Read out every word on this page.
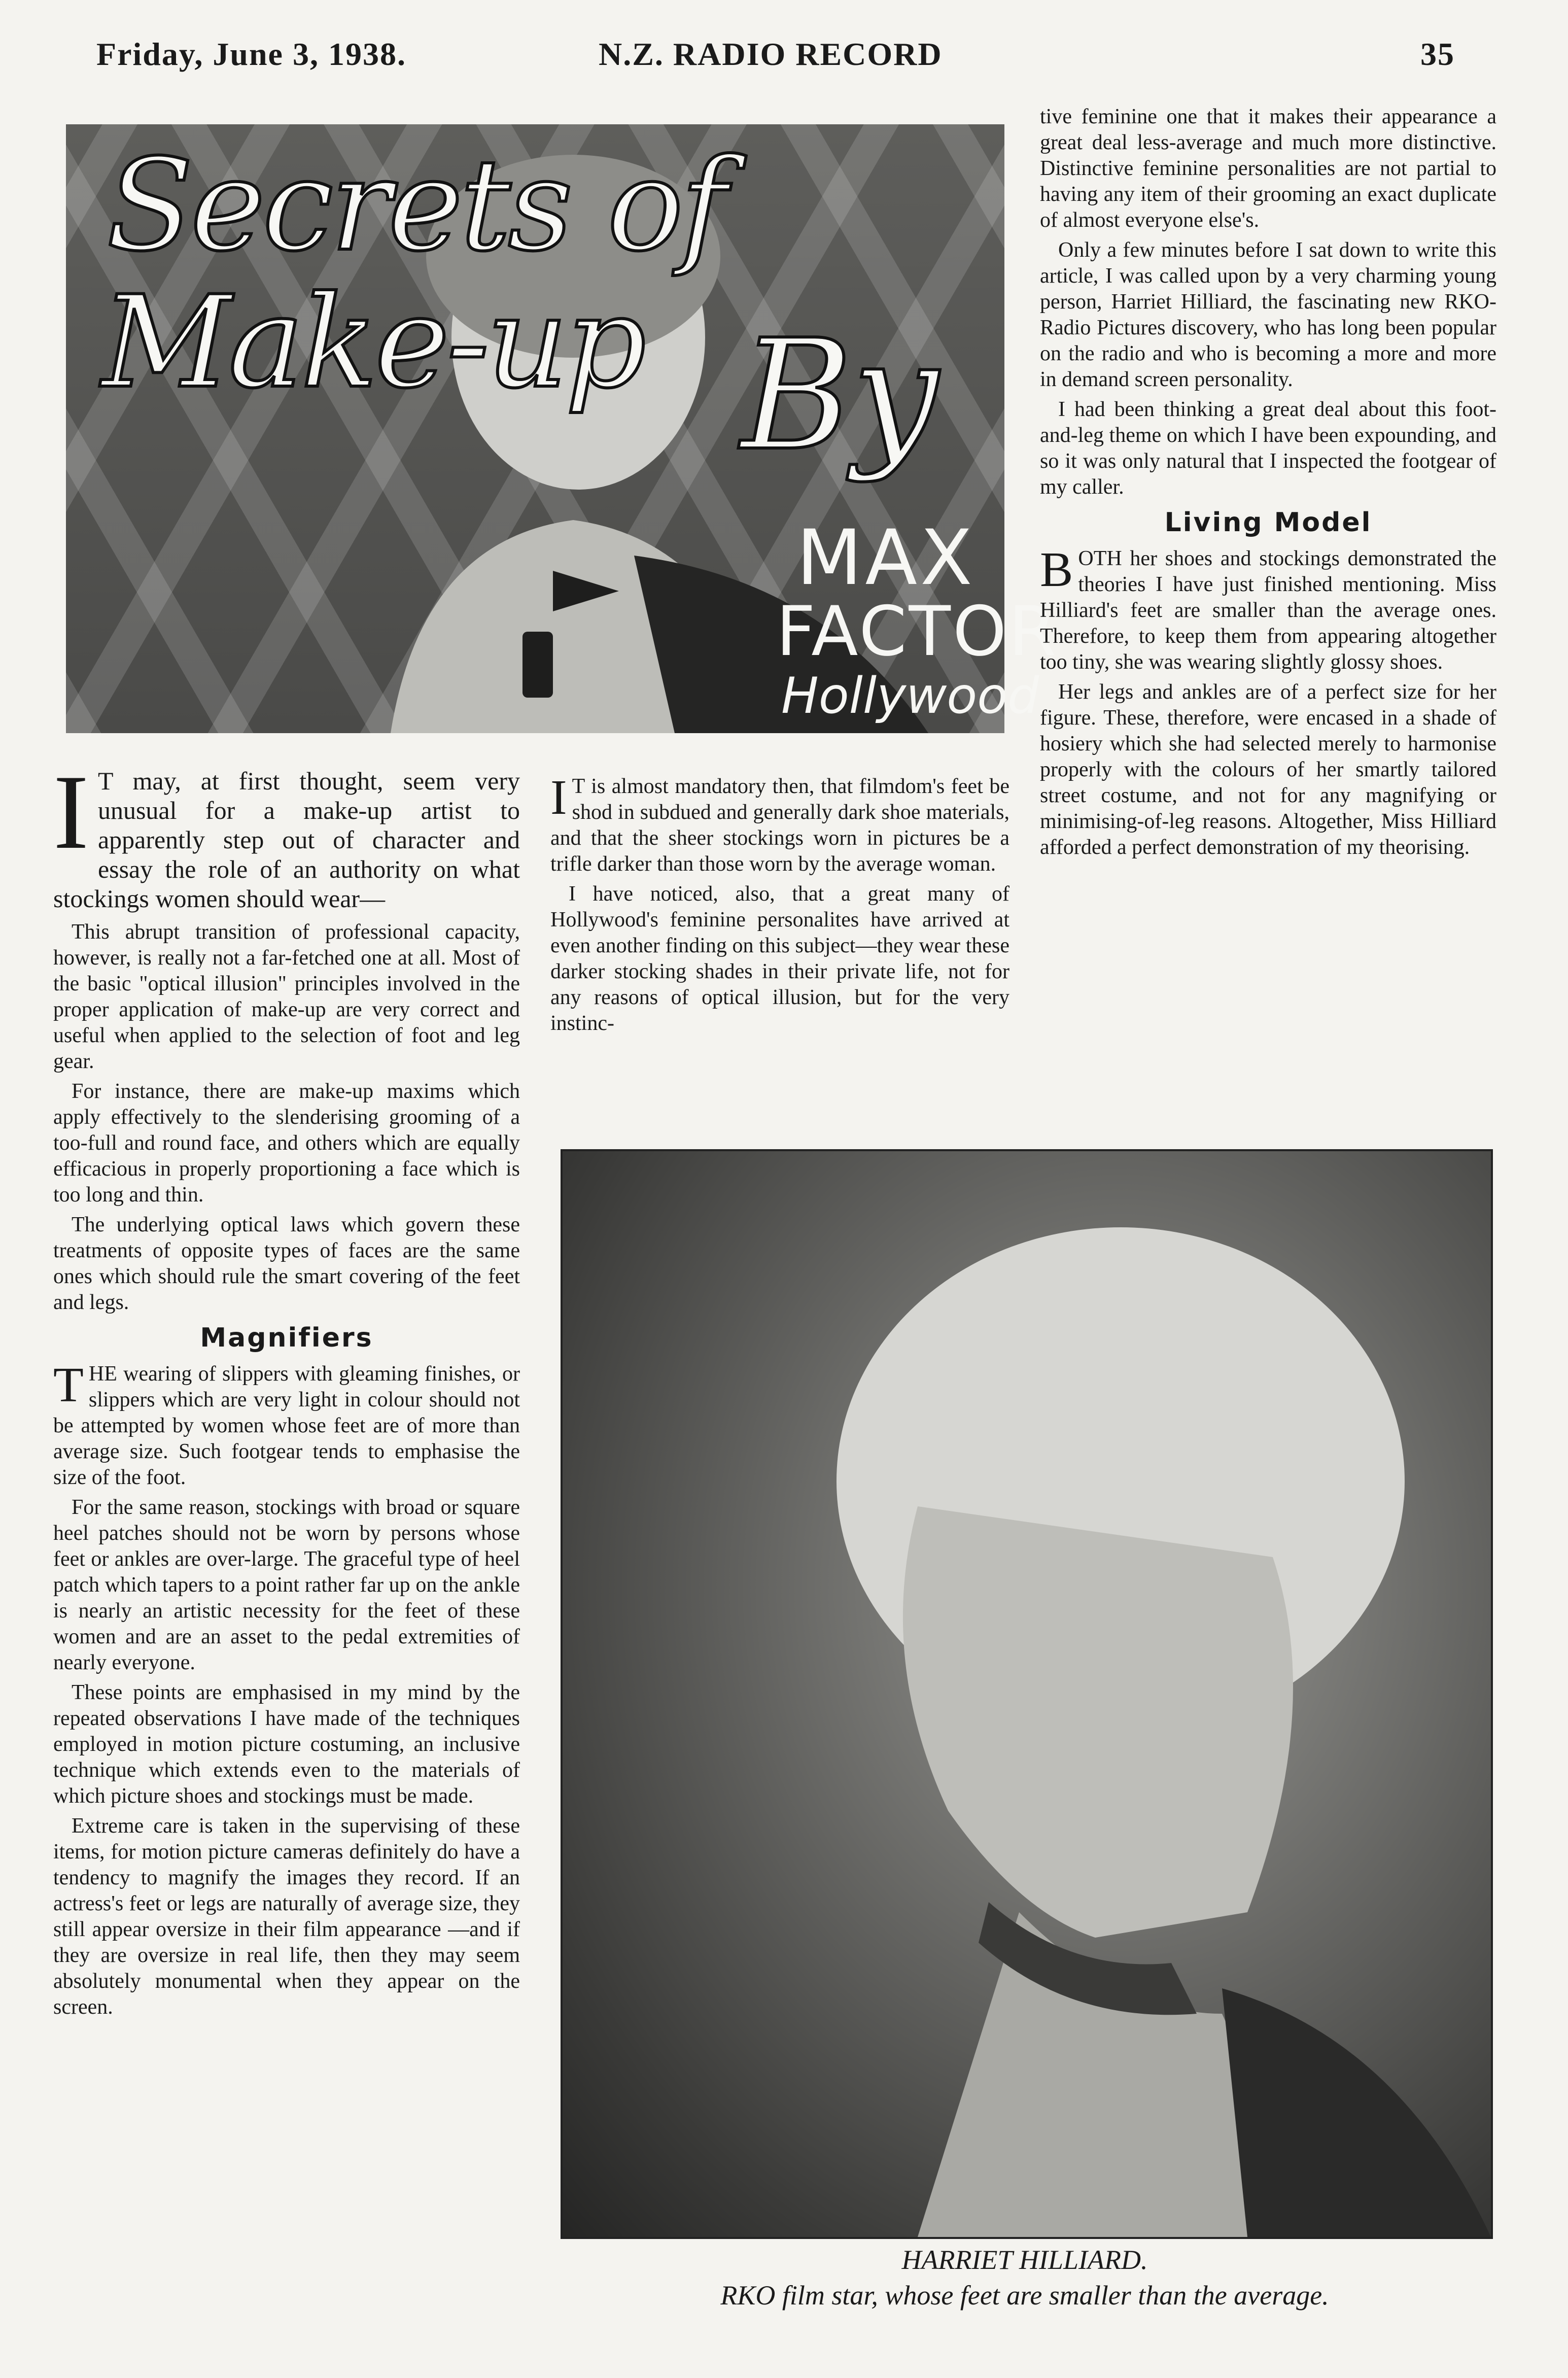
Friday, June 3, 1938.	N.Z. RADIO RECORD	35
Secrets of
Make-up By
MAX
FACTOR
Hollywood

I T may, at first thought, seem very unusual for a make-up artist to apparently step out of character and essay the role of an authority on what stockings women should wear—

This abrupt transition of professional capacity, however, is really not a far-fetched one at all. Most of the basic "optical illusion" principles involved in the proper application of make-up are very correct and useful when applied to the selection of foot and leg gear.

For instance, there are make-up maxims which apply effectively to the slenderising grooming of a too-full and round face, and others which are equally efficacious in properly proportioning a face which is too long and thin.

The underlying optical laws which govern these treatments of opposite types of faces are the same ones which should rule the smart covering of the feet and legs.

Magnifiers

THE wearing of slippers with gleaming finishes, or slippers which are very light in colour should not be attempted by women whose feet are of more than average size. Such footgear tends to emphasise the size of the foot.

For the same reason, stockings with broad or square heel patches should not be worn by persons whose feet or ankles are over-large. The graceful type of heel patch which tapers to a point rather far up on the ankle is nearly an artistic necessity for the feet of these women and are an asset to the pedal extremities of nearly everyone.

These points are emphasised in my mind by the repeated observations I have made of the techniques employed in motion picture costuming, an inclusive technique which extends even to the materials of which picture shoes and stockings must be made.

Extreme care is taken in the supervising of these items, for motion picture cameras definitely do have a tendency to magnify the images they record. If an actress's feet or legs are naturally of average size, they still appear oversize in their film appearance —and if they are oversize in real life, then they may seem absolutely monumental when they appear on the screen.

I T is almost mandatory then, that filmdom's feet be shod in subdued and generally dark shoe materials, and that the sheer stockings worn in pictures be a trifle darker than those worn by the average woman.

I have noticed, also, that a great many of Hollywood's feminine personalites have arrived at even another finding on this subject—they wear these darker stocking shades in their private life, not for any reasons of optical illusion, but for the very instinc-

tive feminine one that it makes their appearance a great deal less-average and much more distinctive. Distinctive feminine personalities are not partial to having any item of their grooming an exact duplicate of almost everyone else's.

Only a few minutes before I sat down to write this article, I was called upon by a very charming young person, Harriet Hilliard, the fascinating new RKO-Radio Pictures discovery, who has long been popular on the radio and who is becoming a more and more in demand screen personality.

I had been thinking a great deal about this foot-and-leg theme on which I have been expounding, and so it was only natural that I inspected the footgear of my caller.

Living Model

BOTH her shoes and stockings demonstrated the theories I have just finished mentioning. Miss Hilliard's feet are smaller than the average ones. Therefore, to keep them from appearing altogether too tiny, she was wearing slightly glossy shoes.

Her legs and ankles are of a perfect size for her figure. These, therefore, were encased in a shade of hosiery which she had selected merely to harmonise properly with the colours of her smartly tailored street costume, and not for any magnifying or minimising-of-leg reasons. Altogether, Miss Hilliard afforded a perfect demonstration of my theorising.

HARRIET HILLIARD.
RKO film star, whose feet are smaller than the average.
